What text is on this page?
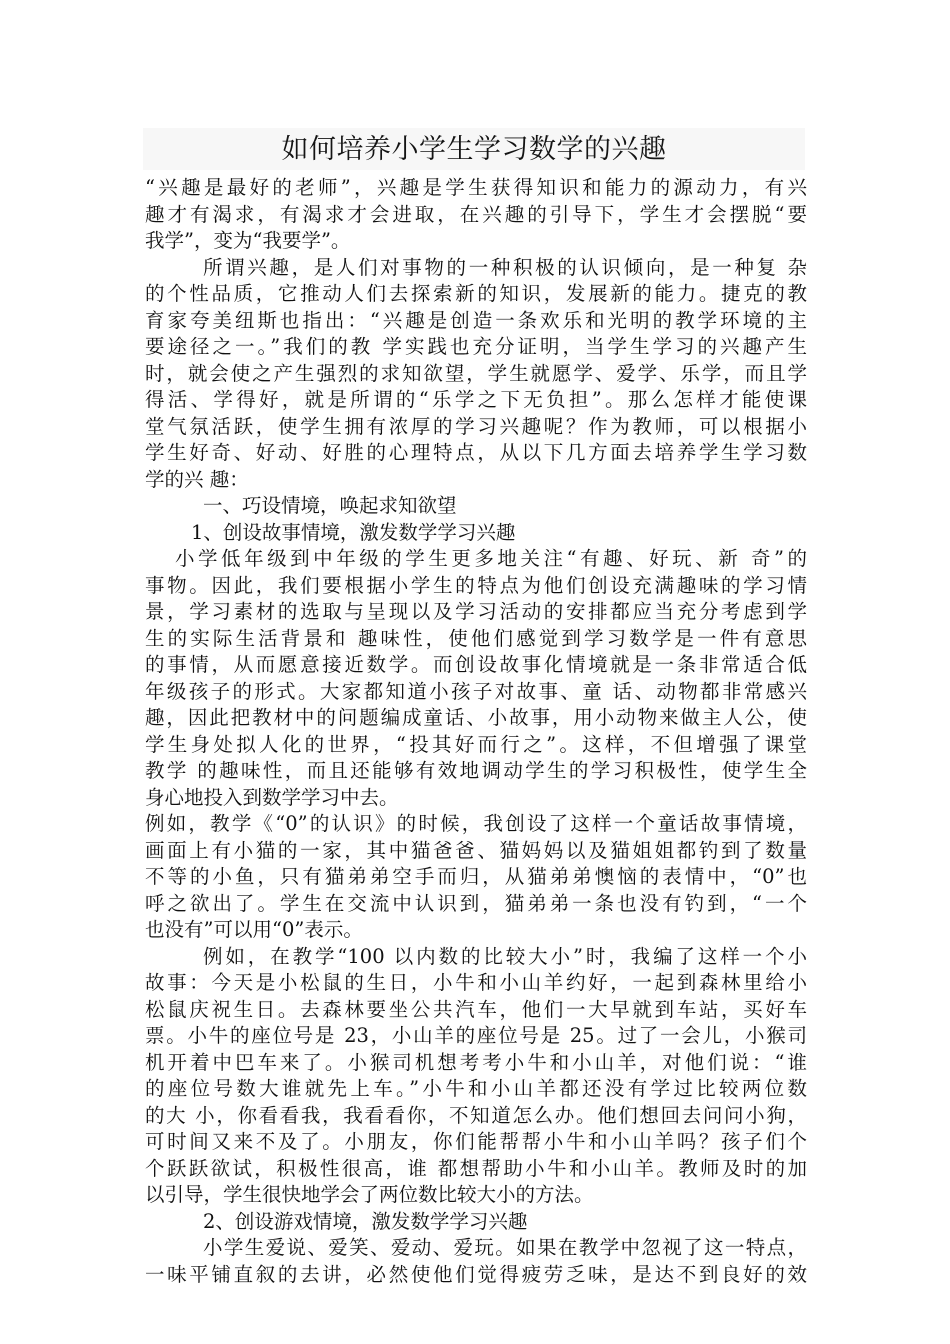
如何培养小学生学习数学的兴趣
“兴趣是最好的老师”，兴趣是学生获得知识和能力的源动力，有兴
趣才有渴求，有渴求才会进取，在兴趣的引导下，学生才会摆脱“要
我学”，变为“我要学”。
所谓兴趣，是人们对事物的一种积极的认识倾向，是一种复 杂
的个性品质，它推动人们去探索新的知识，发展新的能力。捷克的教
育家夸美纽斯也指出：“兴趣是创造一条欢乐和光明的教学环境的主
要途径之一。”我们的教 学实践也充分证明，当学生学习的兴趣产生
时，就会使之产生强烈的求知欲望，学生就愿学、爱学、乐学，而且学
得活、学得好，就是所谓的“乐学之下无负担”。那么怎样才能使课
堂气氛活跃，使学生拥有浓厚的学习兴趣呢？作为教师，可以根据小
学生好奇、好动、好胜的心理特点，从以下几方面去培养学生学习数
学的兴 趣：
一、巧设情境，唤起求知欲望
1、创设故事情境，激发数学学习兴趣
小学低年级到中年级的学生更多地关注“有趣、好玩、新 奇”的
事物。因此，我们要根据小学生的特点为他们创设充满趣味的学习情
景，学习素材的选取与呈现以及学习活动的安排都应当充分考虑到学
生的实际生活背景和 趣味性，使他们感觉到学习数学是一件有意思
的事情，从而愿意接近数学。而创设故事化情境就是一条非常适合低
年级孩子的形式。大家都知道小孩子对故事、童 话、动物都非常感兴
趣，因此把教材中的问题编成童话、小故事，用小动物来做主人公，使
学生身处拟人化的世界，“投其好而行之”。这样，不但增强了课堂
教学 的趣味性，而且还能够有效地调动学生的学习积极性，使学生全
身心地投入到数学学习中去。
例如，教学《“0”的认识》的时候，我创设了这样一个童话故事情境，
画面上有小猫的一家，其中猫爸爸、猫妈妈以及猫姐姐都钓到了数量
不等的小鱼，只有猫弟弟空手而归，从猫弟弟懊恼的表情中，“0”也
呼之欲出了。学生在交流中认识到，猫弟弟一条也没有钓到，“一个
也没有”可以用“0”表示。
例如，在教学“100 以内数的比较大小”时，我编了这样一个小
故事：今天是小松鼠的生日，小牛和小山羊约好，一起到森林里给小
松鼠庆祝生日。去森林要坐公共汽车，他们一大早就到车站，买好车
票。小牛的座位号是 23，小山羊的座位号是 25。过了一会儿，小猴司
机开着中巴车来了。小猴司机想考考小牛和小山羊，对他们说：“谁
的座位号数大谁就先上车。”小牛和小山羊都还没有学过比较两位数
的大 小，你看看我，我看看你，不知道怎么办。他们想回去问问小狗，
可时间又来不及了。小朋友，你们能帮帮小牛和小山羊吗？孩子们个
个跃跃欲试，积极性很高，谁 都想帮助小牛和小山羊。教师及时的加
以引导，学生很快地学会了两位数比较大小的方法。
2、创设游戏情境，激发数学学习兴趣
小学生爱说、爱笑、爱动、爱玩。如果在教学中忽视了这一特点，
一味平铺直叙的去讲，必然使他们觉得疲劳乏味，是达不到良好的效
